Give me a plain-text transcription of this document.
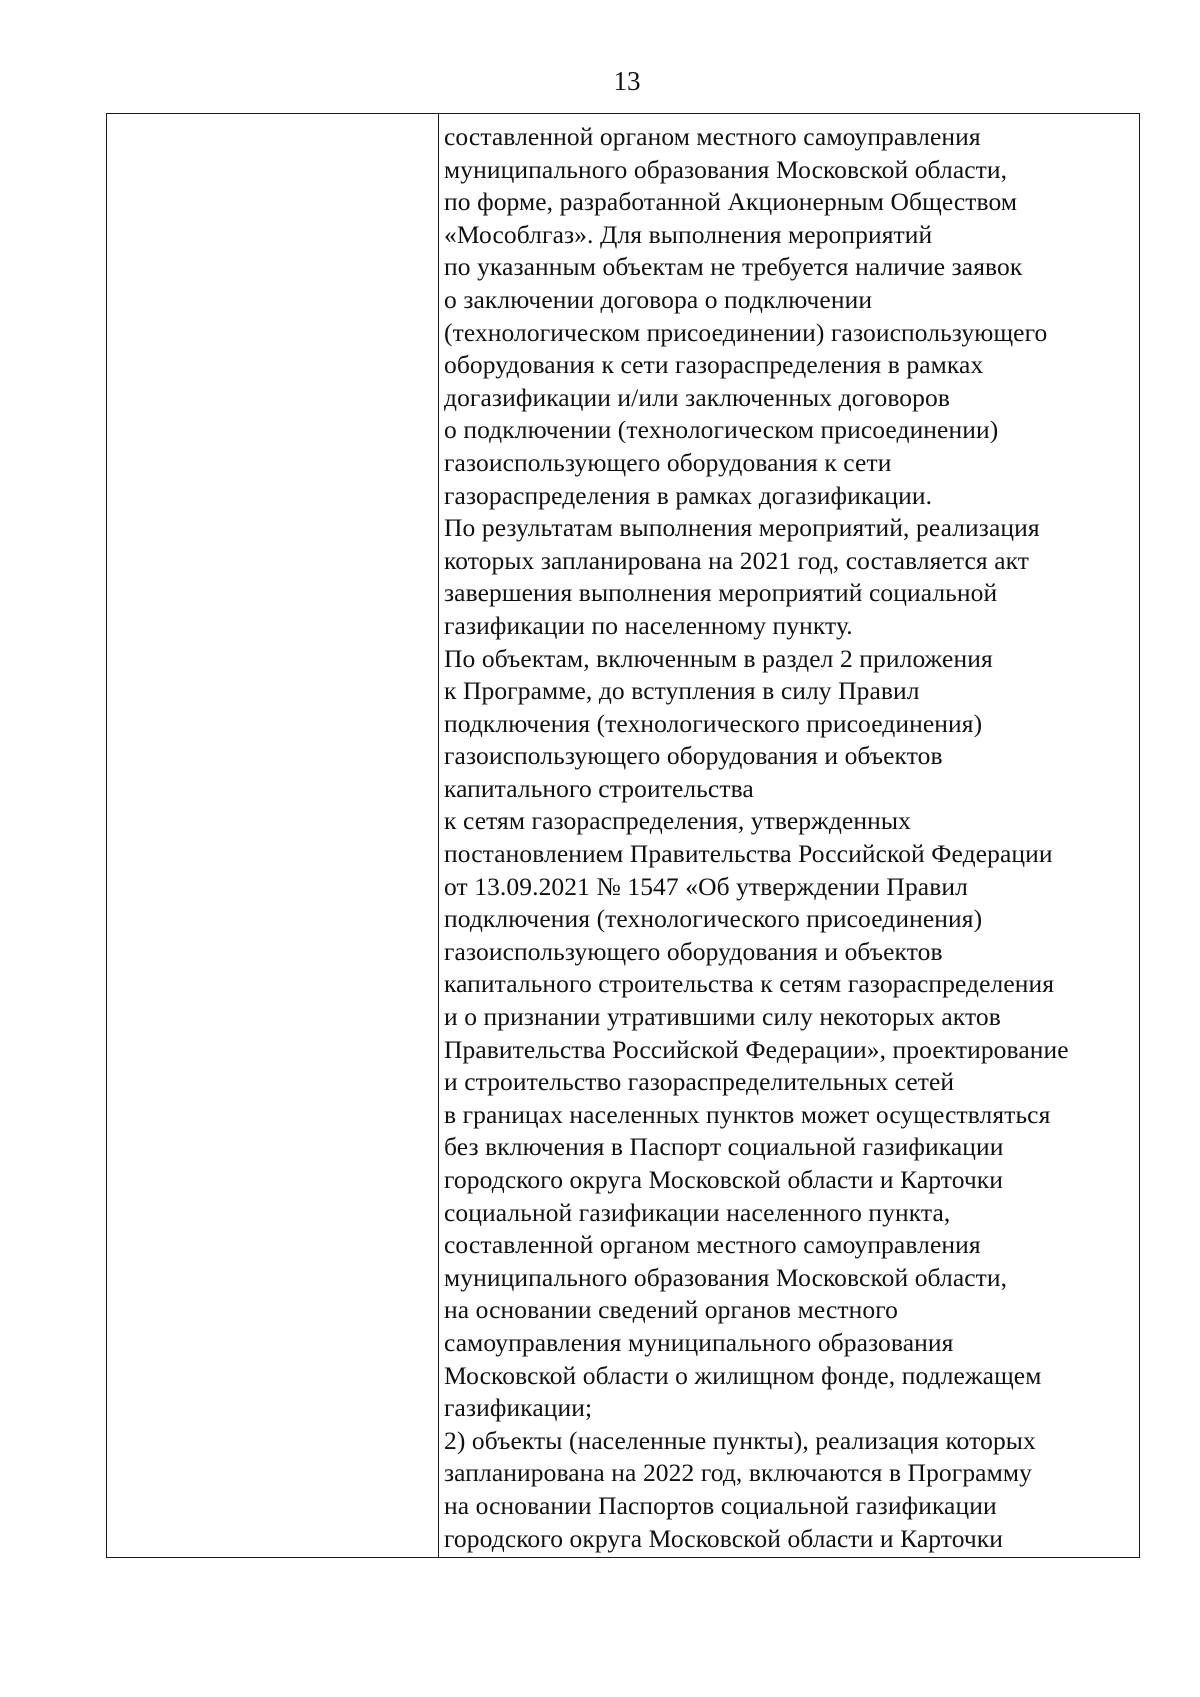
13
составленной органом местного самоуправления
муниципального образования Московской области,
по форме, разработанной Акционерным Обществом
«Мособлгаз». Для выполнения мероприятий
по указанным объектам не требуется наличие заявок
о заключении договора о подключении
(технологическом присоединении) газоиспользующего
оборудования к сети газораспределения в рамках
догазификации и/или заключенных договоров
о подключении (технологическом присоединении)
газоиспользующего оборудования к сети
газораспределения в рамках догазификации.
По результатам выполнения мероприятий, реализация
которых запланирована на 2021 год, составляется акт
завершения выполнения мероприятий социальной
газификации по населенному пункту.
По объектам, включенным в раздел 2 приложения
к Программе, до вступления в силу Правил
подключения (технологического присоединения)
газоиспользующего оборудования и объектов
капитального строительства
к сетям газораспределения, утвержденных
постановлением Правительства Российской Федерации
от 13.09.2021 № 1547 «Об утверждении Правил
подключения (технологического присоединения)
газоиспользующего оборудования и объектов
капитального строительства к сетям газораспределения
и о признании утратившими силу некоторых актов
Правительства Российской Федерации», проектирование
и строительство газораспределительных сетей
в границах населенных пунктов может осуществляться
без включения в Паспорт социальной газификации
городского округа Московской области и Карточки
социальной газификации населенного пункта,
составленной органом местного самоуправления
муниципального образования Московской области,
на основании сведений органов местного
самоуправления муниципального образования
Московской области о жилищном фонде, подлежащем
газификации;
2) объекты (населенные пункты), реализация которых
запланирована на 2022 год, включаются в Программу
на основании Паспортов социальной газификации
городского округа Московской области и Карточки
